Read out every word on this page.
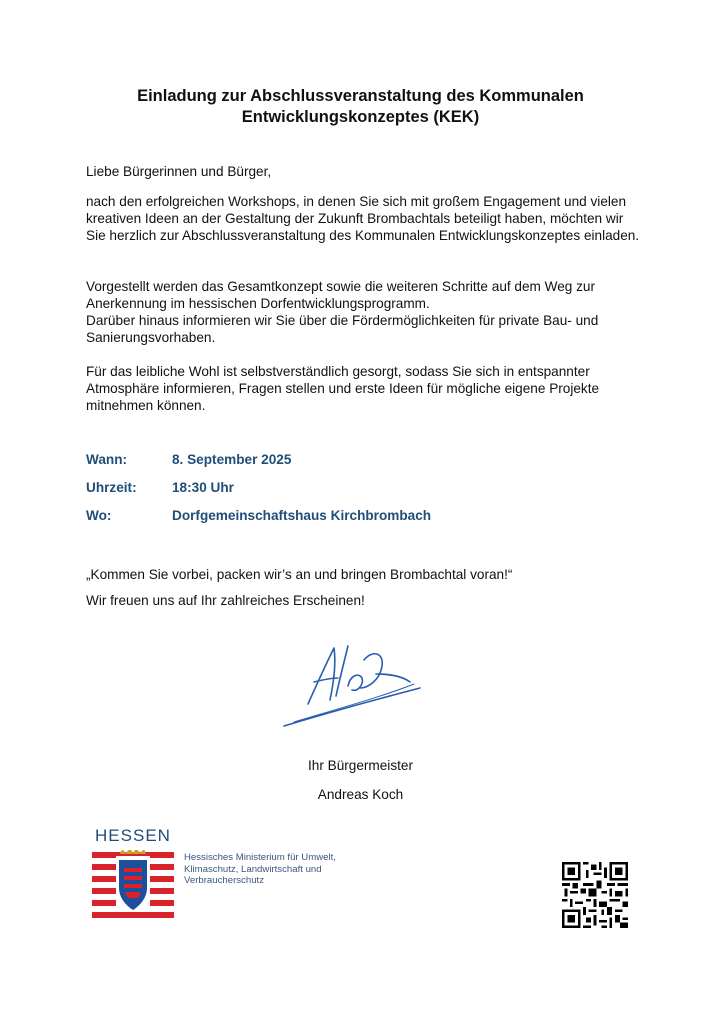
Einladung zur Abschlussveranstaltung des Kommunalen
Entwicklungskonzeptes (KEK)

Liebe Bürgerinnen und Bürger,

nach den erfolgreichen Workshops, in denen Sie sich mit großem Engagement und vielen kreativen Ideen an der Gestaltung der Zukunft Brombachtals beteiligt haben, möchten wir Sie herzlich zur Abschlussveranstaltung des Kommunalen Entwicklungskonzeptes einladen.

Vorgestellt werden das Gesamtkonzept sowie die weiteren Schritte auf dem Weg zur Anerkennung im hessischen Dorfentwicklungsprogramm.

Darüber hinaus informieren wir Sie über die Fördermöglichkeiten für private Bau- und Sanierungsvorhaben.

Für das leibliche Wohl ist selbstverständlich gesorgt, sodass Sie sich in entspannter Atmosphäre informieren, Fragen stellen und erste Ideen für mögliche eigene Projekte mitnehmen können.

Wann:	8. September 2025
Uhrzeit:	18:30 Uhr
Wo:	Dorfgemeinschaftshaus Kirchbrombach

„Kommen Sie vorbei, packen wir’s an und bringen Brombachtal voran!“

Wir freuen uns auf Ihr zahlreiches Erscheinen!

Ihr Bürgermeister
Andreas Koch
HESSEN
Hessisches Ministerium für Umwelt,
Klimaschutz, Landwirtschaft und
Verbraucherschutz
